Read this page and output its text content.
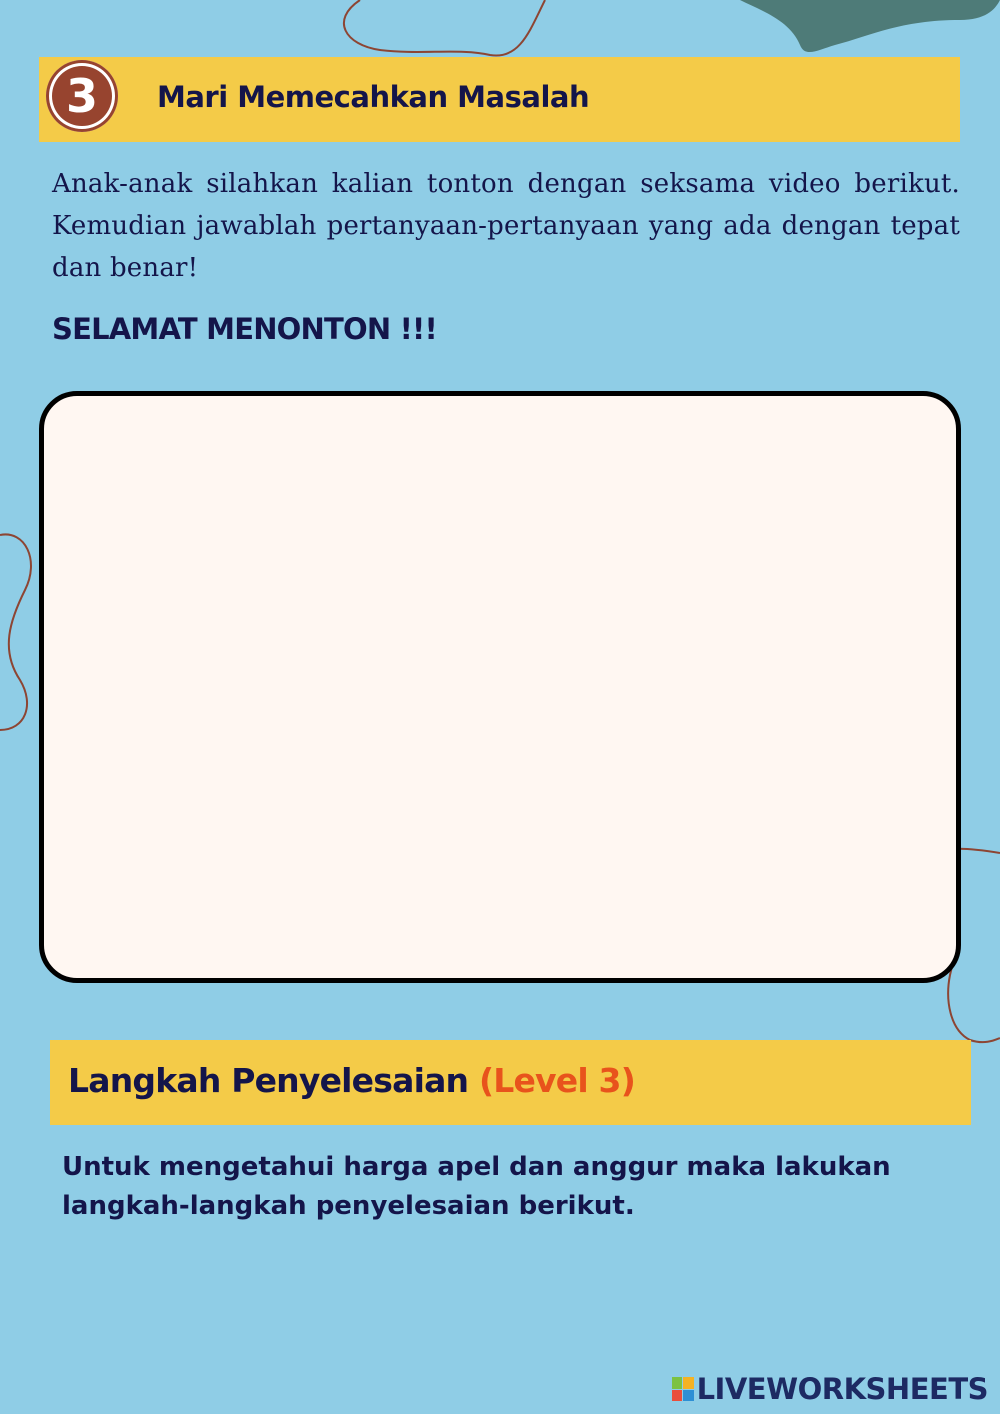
3	Mari Memecahkan Masalah
Anak-anak silahkan kalian tonton dengan seksama video berikut. Kemudian jawablah pertanyaan-pertanyaan yang ada dengan tepat dan benar!
SELAMAT MENONTON !!!
Langkah Penyelesaian (Level 3)
Untuk mengetahui harga apel dan anggur maka lakukan langkah-langkah penyelesaian berikut.
LIVEWORKSHEETS
